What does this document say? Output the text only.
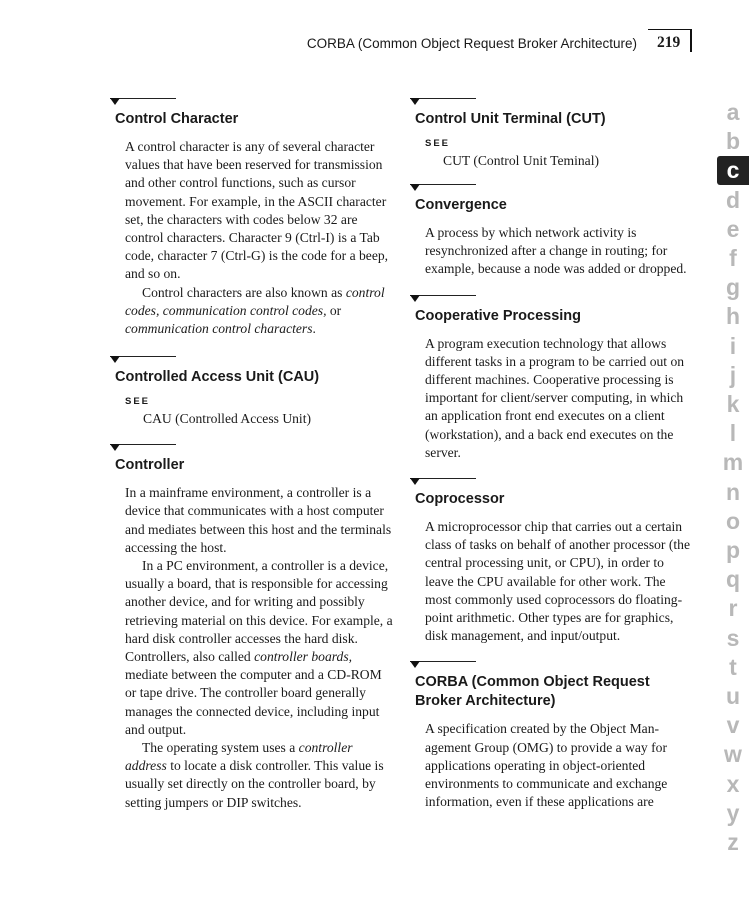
CORBA (Common Object Request Broker Architecture) 219
Control Character

A control character is any of several character values that have been reserved for transmission and other control functions, such as cursor movement. For example, in the ASCII character set, the characters with codes below 32 are control characters. Character 9 (Ctrl-I) is a Tab code, character 7 (Ctrl-G) is the code for a beep, and so on.

Control characters are also known as control codes, communication control codes, or communication control characters.

Controlled Access Unit (CAU)
SEE
CAU (Controlled Access Unit)
Controller

In a mainframe environment, a controller is a device that communicates with a host computer and mediates between this host and the terminals accessing the host.

In a PC environment, a controller is a device, usually a board, that is responsible for accessing another device, and for writing and possibly retrieving material on this device. For example, a hard disk controller accesses the hard disk. Controllers, also called controller boards, mediate between the computer and a CD-ROM or tape drive. The controller board generally manages the connected device, including input and output.

The operating system uses a controller address to locate a disk controller. This value is usually set directly on the controller board, by setting jumpers or DIP switches.

Control Unit Terminal (CUT)
SEE
CUT (Control Unit Teminal)
Convergence

A process by which network activity is resynchronized after a change in routing; for example, because a node was added or dropped.

Cooperative Processing

A program execution technology that allows different tasks in a program to be carried out on different machines. Cooperative processing is important for client/server computing, in which an application front end executes on a client (workstation), and a back end executes on the server.

Coprocessor

A microprocessor chip that carries out a certain class of tasks on behalf of another processor (the central processing unit, or CPU), in order to leave the CPU available for other work. The most commonly used coprocessors do floating-point arithmetic. Other types are for graphics, disk management, and input/output.

CORBA (Common Object Request Broker Architecture)

A specification created by the Object Management Group (OMG) to provide a way for applications operating in object-oriented environments to communicate and exchange information, even if these applications are

a
b
c
d
e
f
g
h
i
j
k
l
m
n
o
p
q
r
s
t
u
v
w
x
y
z
